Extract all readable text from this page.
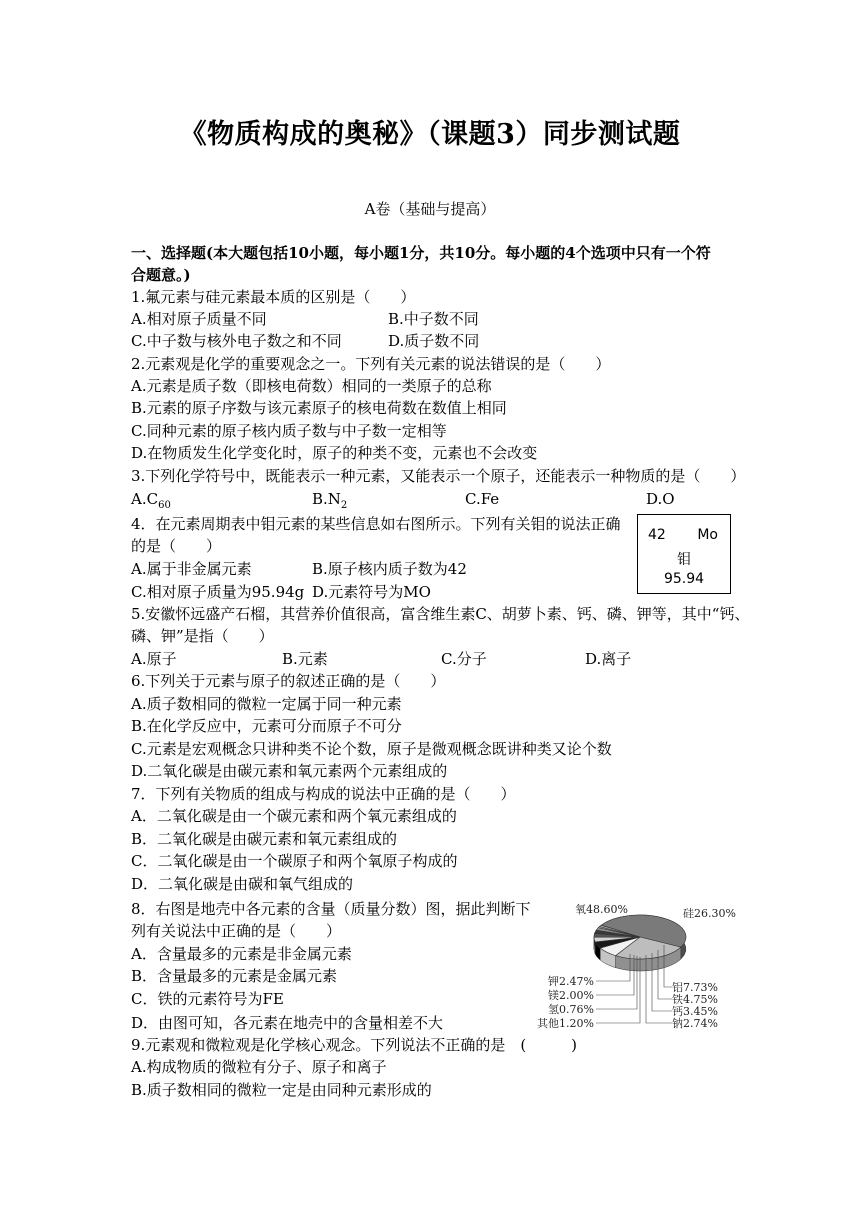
《物质构成的奥秘》（课题3）同步测试题
A卷（基础与提高）
一、选择题(本大题包括10小题，每小题1分，共10分。每小题的4个选项中只有一个符
合题意。)
1.氟元素与硅元素最本质的区别是（　　）
A.相对原子质量不同	B.中子数不同
C.中子数与核外电子数之和不同	D.质子数不同
2.元素观是化学的重要观念之一。下列有关元素的说法错误的是（　　）
A.元素是质子数（即核电荷数）相同的一类原子的总称
B.元素的原子序数与该元素原子的核电荷数在数值上相同
C.同种元素的原子核内质子数与中子数一定相等
D.在物质发生化学变化时，原子的种类不变，元素也不会改变
3.下列化学符号中，既能表示一种元素，又能表示一个原子，还能表示一种物质的是（　　）
$A.C_{60}$	$B.N_2$	C.Fe	D.O
4．在元素周期表中钼元素的某些信息如右图所示。下列有关钼的说法正确
的是（　　）
A.属于非金属元素	B.原子核内质子数为42
C.相对原子质量为95.94g D.元素符号为MO
42 Mo
钼
95.94
5.安徽怀远盛产石榴，其营养价值很高，富含维生素C、胡萝卜素、钙、磷、钾等，其中“钙、
磷、钾”是指（　　）
A.原子	B.元素	C.分子	D.离子
6.下列关于元素与原子的叙述正确的是（　　）
A.质子数相同的微粒一定属于同一种元素
B.在化学反应中，元素可分而原子不可分
C.元素是宏观概念只讲种类不论个数，原子是微观概念既讲种类又论个数
D.二氧化碳是由碳元素和氧元素两个元素组成的
7．下列有关物质的组成与构成的说法中正确的是（　　）
A．二氧化碳是由一个碳元素和两个氧元素组成的
B．二氧化碳是由碳元素和氧元素组成的
C．二氧化碳是由一个碳原子和两个氧原子构成的
D．二氧化碳是由碳和氧气组成的
8．右图是地壳中各元素的含量（质量分数）图，据此判断下
列有关说法中正确的是（　　）
A．含量最多的元素是非金属元素
B．含量最多的元素是金属元素
C．铁的元素符号为FE
D．由图可知，各元素在地壳中的含量相差不大
9.元素观和微粒观是化学核心观念。下列说法不正确的是　(　　　)
A.构成物质的微粒有分子、原子和离子
B.质子数相同的微粒一定是由同种元素形成的
氧48.60%	硅26.30%
铝7.73%
铁4.75%
钙3.45%
钠2.74%
钾2.47%
镁2.00%
氢0.76%
其他1.20%
